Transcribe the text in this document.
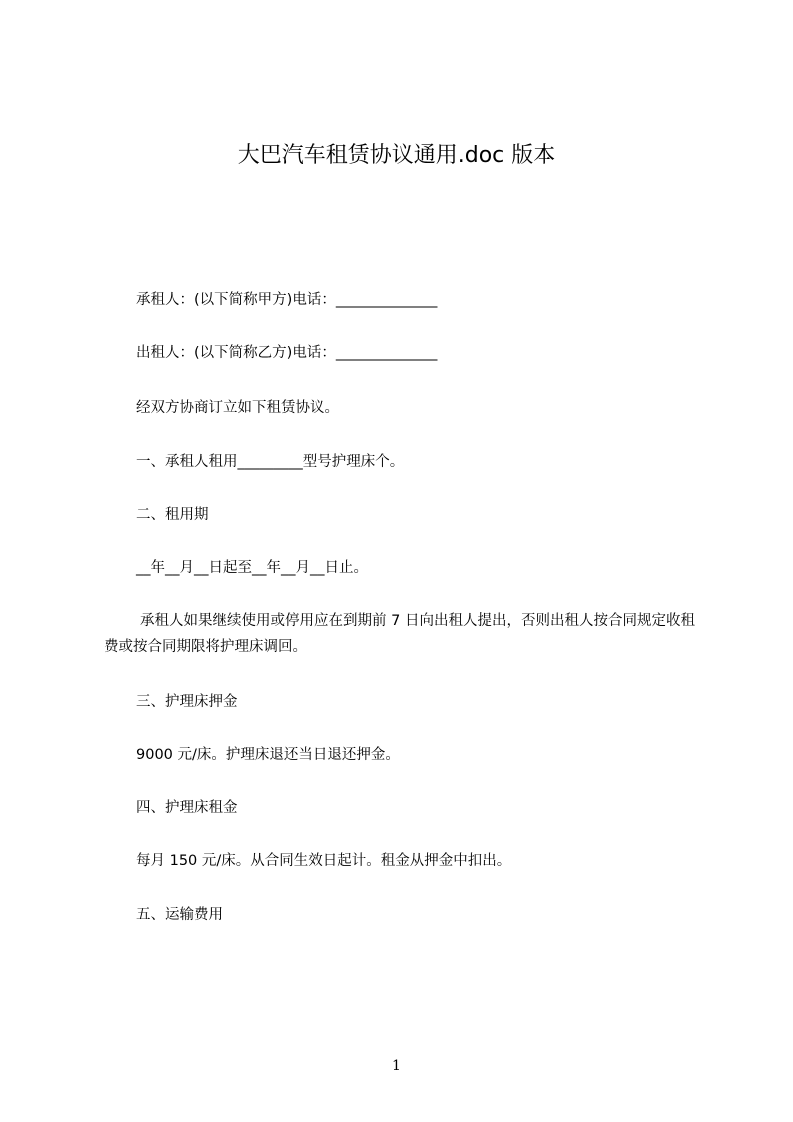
大巴汽车租赁协议通用.doc 版本
承租人：(以下简称甲方)电话：______________
出租人：(以下简称乙方)电话：______________
经双方协商订立如下租赁协议。
一、承租人租用_________型号护理床个。
二、租用期
__年__月__日起至__年__月__日止。
承租人如果继续使用或停用应在到期前 7 日向出租人提出，否则出租人按合同规定收租费或按合同期限将护理床调回。
三、护理床押金
9000 元/床。护理床退还当日退还押金。
四、护理床租金
每月 150 元/床。从合同生效日起计。租金从押金中扣出。
五、运输费用
1
